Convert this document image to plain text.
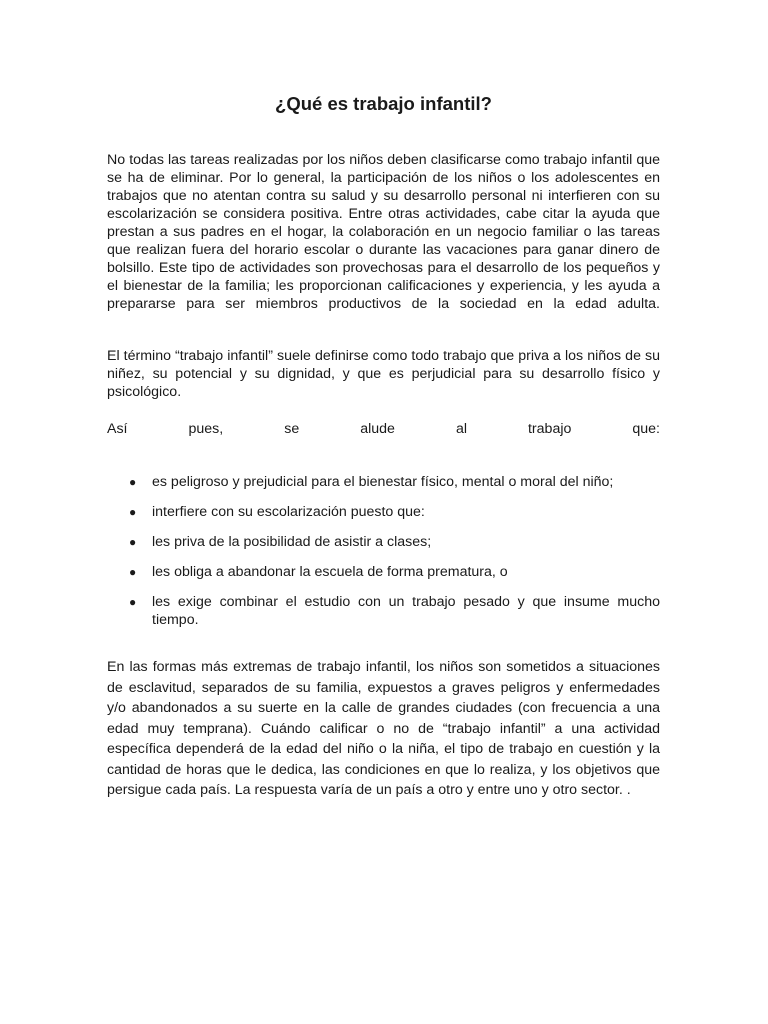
¿Qué es trabajo infantil?

No todas las tareas realizadas por los niños deben clasificarse como trabajo infantil que se ha de eliminar. Por lo general, la participación de los niños o los adolescentes en trabajos que no atentan contra su salud y su desarrollo personal ni interfieren con su escolarización se considera positiva. Entre otras actividades, cabe citar la ayuda que prestan a sus padres en el hogar, la colaboración en un negocio familiar o las tareas que realizan fuera del horario escolar o durante las vacaciones para ganar dinero de bolsillo. Este tipo de actividades son provechosas para el desarrollo de los pequeños y el bienestar de la familia; les proporcionan calificaciones y experiencia, y les ayuda a prepararse para ser miembros productivos de la sociedad en la edad adulta.

El término “trabajo infantil” suele definirse como todo trabajo que priva a los niños de su niñez, su potencial y su dignidad, y que es perjudicial para su desarrollo físico y psicológico.

Así pues, se alude al trabajo que:

● es peligroso y prejudicial para el bienestar físico, mental o moral del niño;
● interfiere con su escolarización puesto que:
● les priva de la posibilidad de asistir a clases;
● les obliga a abandonar la escuela de forma prematura, o
● les exige combinar el estudio con un trabajo pesado y que insume mucho tiempo.

En las formas más extremas de trabajo infantil, los niños son sometidos a situaciones de esclavitud, separados de su familia, expuestos a graves peligros y enfermedades y/o abandonados a su suerte en la calle de grandes ciudades (con frecuencia a una edad muy temprana). Cuándo calificar o no de “trabajo infantil” a una actividad específica dependerá de la edad del niño o la niña, el tipo de trabajo en cuestión y la cantidad de horas que le dedica, las condiciones en que lo realiza, y los objetivos que persigue cada país. La respuesta varía de un país a otro y entre uno y otro sector. .
